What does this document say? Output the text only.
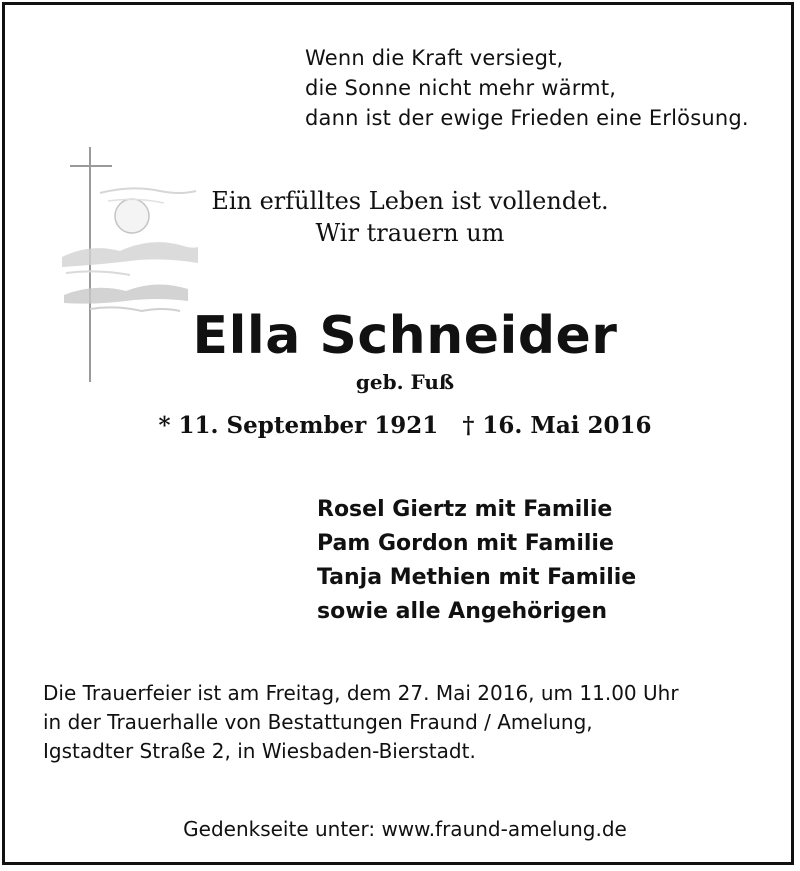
Wenn die Kraft versiegt,
die Sonne nicht mehr wärmt,
dann ist der ewige Frieden eine Erlösung.
Ein erfülltes Leben ist vollendet.
Wir trauern um
Ella Schneider
geb. Fuß
* 11. September 1921 † 16. Mai 2016
Rosel Giertz mit Familie
Pam Gordon mit Familie
Tanja Methien mit Familie
sowie alle Angehörigen
Die Trauerfeier ist am Freitag, dem 27. Mai 2016, um 11.00 Uhr
in der Trauerhalle von Bestattungen Fraund / Amelung,
Igstadter Straße 2, in Wiesbaden-Bierstadt.
Gedenkseite unter: www.fraund-amelung.de
